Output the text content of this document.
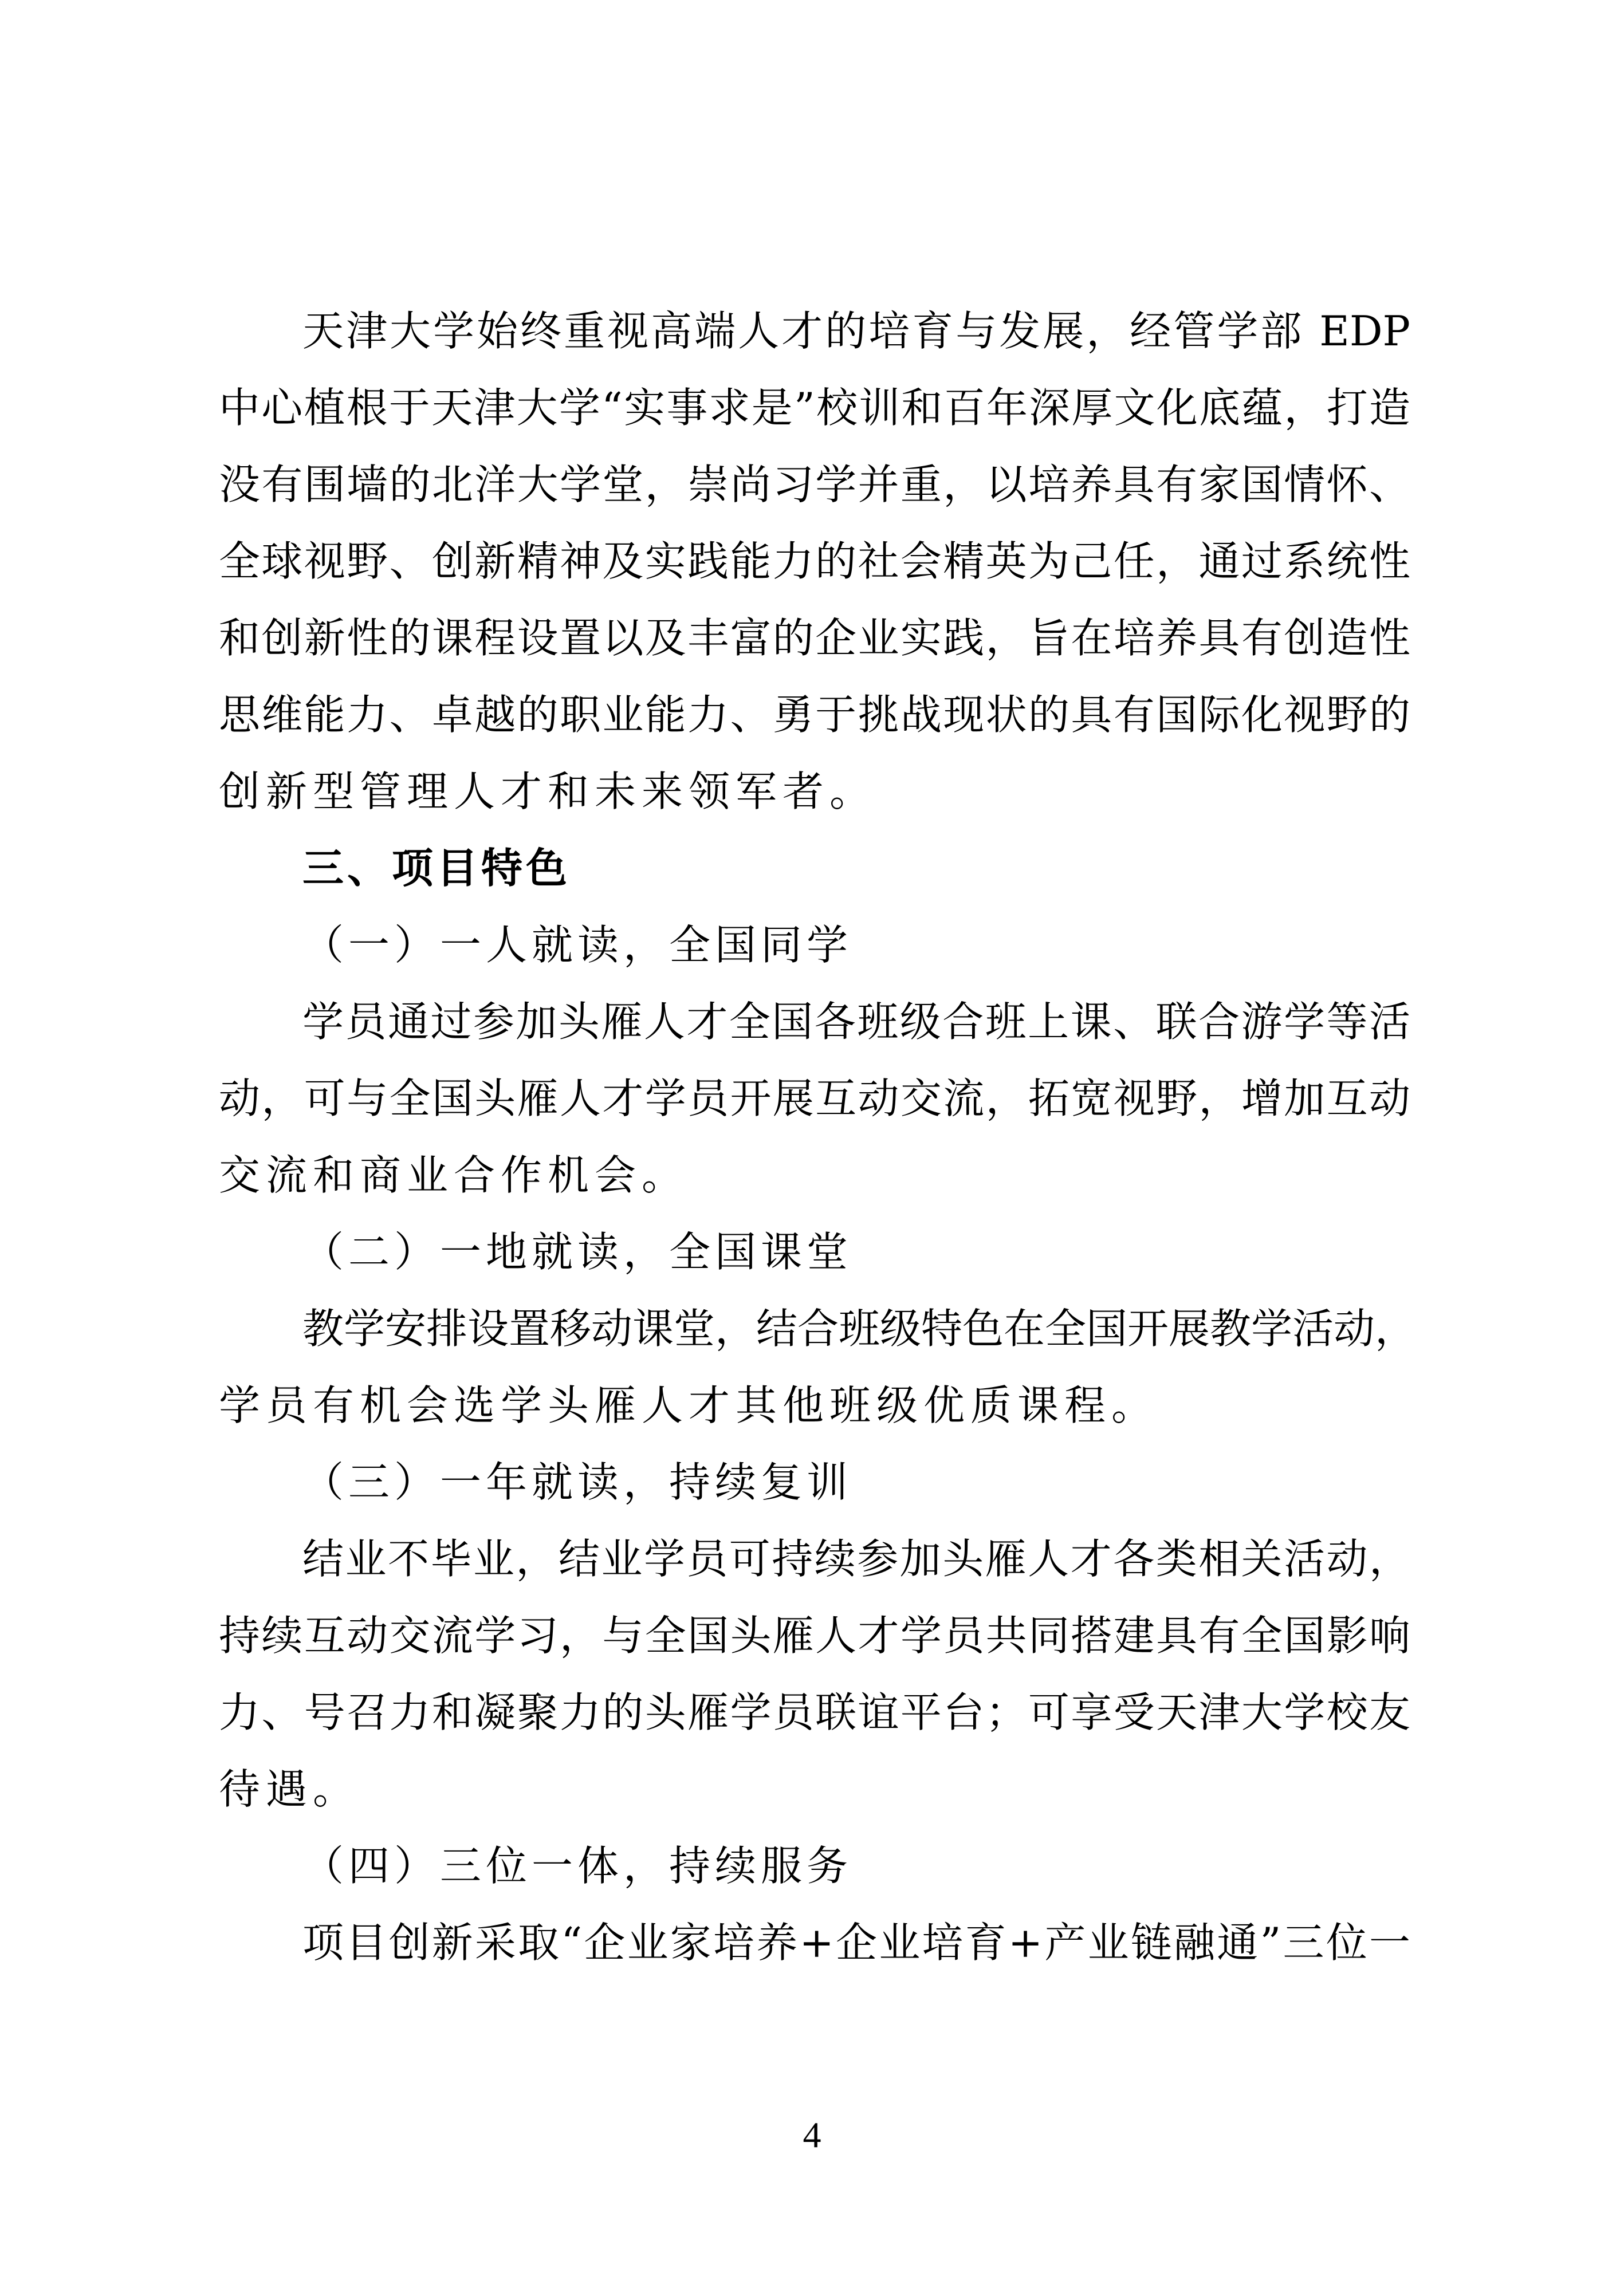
天津大学始终重视高端人才的培育与发展，经管学部 EDP
中心植根于天津大学“实事求是”校训和百年深厚文化底蕴，打造
没有围墙的北洋大学堂，崇尚习学并重，以培养具有家国情怀、
全球视野、创新精神及实践能力的社会精英为己任，通过系统性
和创新性的课程设置以及丰富的企业实践，旨在培养具有创造性
思维能力、卓越的职业能力、勇于挑战现状的具有国际化视野的
创新型管理人才和未来领军者。
三、项目特色
（一）一人就读，全国同学
学员通过参加头雁人才全国各班级合班上课、联合游学等活
动，可与全国头雁人才学员开展互动交流，拓宽视野，增加互动
交流和商业合作机会。
（二）一地就读，全国课堂
教学安排设置移动课堂，结合班级特色在全国开展教学活动，
学员有机会选学头雁人才其他班级优质课程。
（三）一年就读，持续复训
结业不毕业，结业学员可持续参加头雁人才各类相关活动，
持续互动交流学习，与全国头雁人才学员共同搭建具有全国影响
力、号召力和凝聚力的头雁学员联谊平台；可享受天津大学校友
待遇。
（四）三位一体，持续服务
项目创新采取“企业家培养+企业培育+产业链融通”三位一
4
